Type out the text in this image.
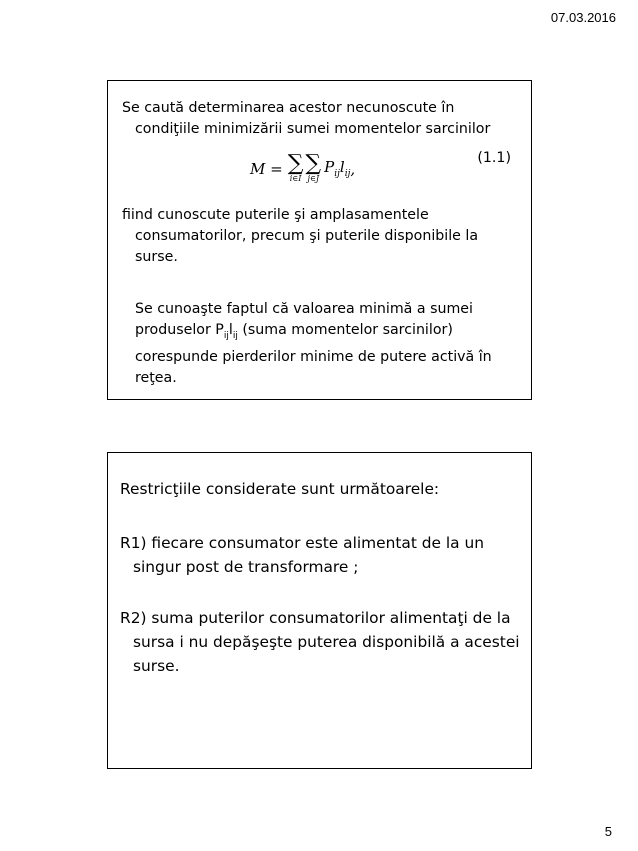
07.03.2016
Se caută determinarea acestor necunoscute în condiţiile minimizării sumei momentelor sarcinilor
M = ∑
i∈I
∑
j∈J
$P_{ij}$ $l_{ij}$ ,
(1.1)
fiind cunoscute puterile şi amplasamentele consumatorilor, precum şi puterile disponibile la surse.
Se cunoaşte faptul că valoarea minimă a sumei produselor $P_{ij}l_{ij}$ (suma momentelor sarcinilor) corespunde pierderilor minime de putere activă în reţea.
Restricţiile considerate sunt următoarele:
R1) fiecare consumator este alimentat de la un singur post de transformare ;
R2) suma puterilor consumatorilor alimentaţi de la sursa i nu depăşeşte puterea disponibilă a acestei surse.
5
